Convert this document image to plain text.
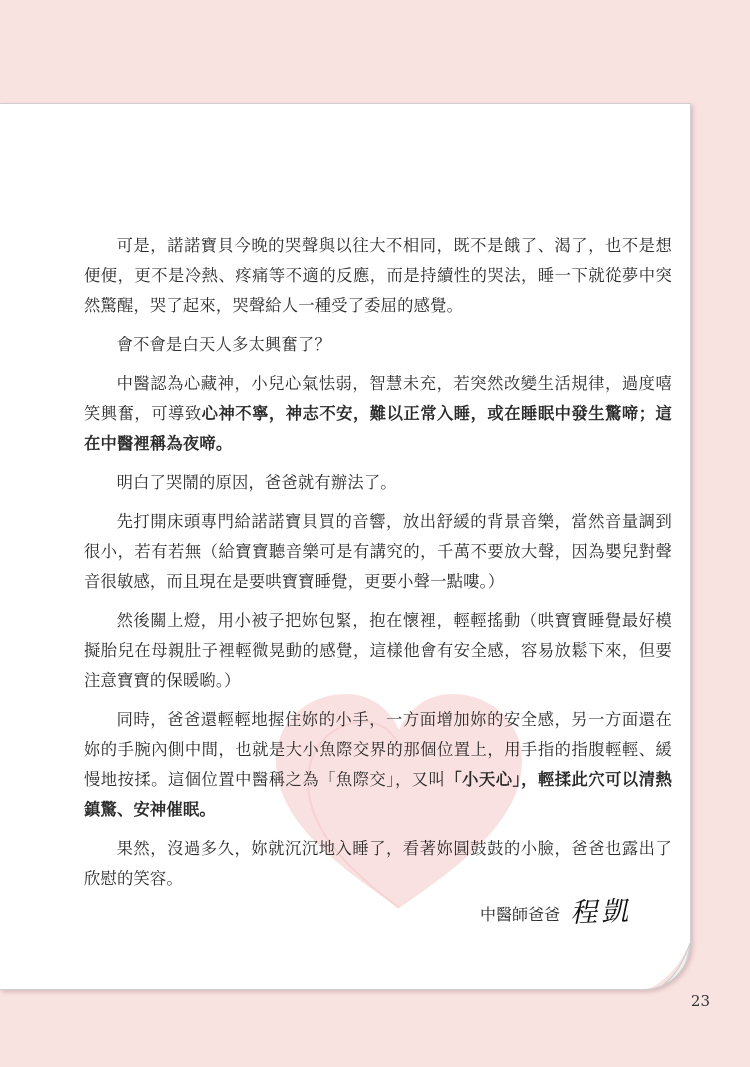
可是，諾諾寶貝今晚的哭聲與以往大不相同，既不是餓了、渴了，也不是想便便，更不是冷熱、疼痛等不適的反應，而是持續性的哭法，睡一下就從夢中突然驚醒，哭了起來，哭聲給人一種受了委屈的感覺。

會不會是白天人多太興奮了？

中醫認為心藏神，小兒心氣怯弱，智慧未充，若突然改變生活規律，過度嘻笑興奮，可導致心神不寧，神志不安，難以正常入睡，或在睡眠中發生驚啼；這在中醫裡稱為夜啼。

明白了哭鬧的原因，爸爸就有辦法了。

先打開床頭專門給諾諾寶貝買的音響，放出舒緩的背景音樂，當然音量調到很小，若有若無（給寶寶聽音樂可是有講究的，千萬不要放大聲，因為嬰兒對聲音很敏感，而且現在是要哄寶寶睡覺，更要小聲一點嘍。）

然後關上燈，用小被子把妳包緊，抱在懷裡，輕輕搖動（哄寶寶睡覺最好模擬胎兒在母親肚子裡輕微晃動的感覺，這樣他會有安全感，容易放鬆下來，但要注意寶寶的保暖喲。）

同時，爸爸還輕輕地握住妳的小手，一方面增加妳的安全感，另一方面還在妳的手腕內側中間，也就是大小魚際交界的那個位置上，用手指的指腹輕輕、緩慢地按揉。這個位置中醫稱之為「魚際交」，又叫「小天心」，輕揉此穴可以清熱鎮驚、安神催眠。

果然，沒過多久，妳就沉沉地入睡了，看著妳圓鼓鼓的小臉，爸爸也露出了欣慰的笑容。

中醫師爸爸 程凱
23
